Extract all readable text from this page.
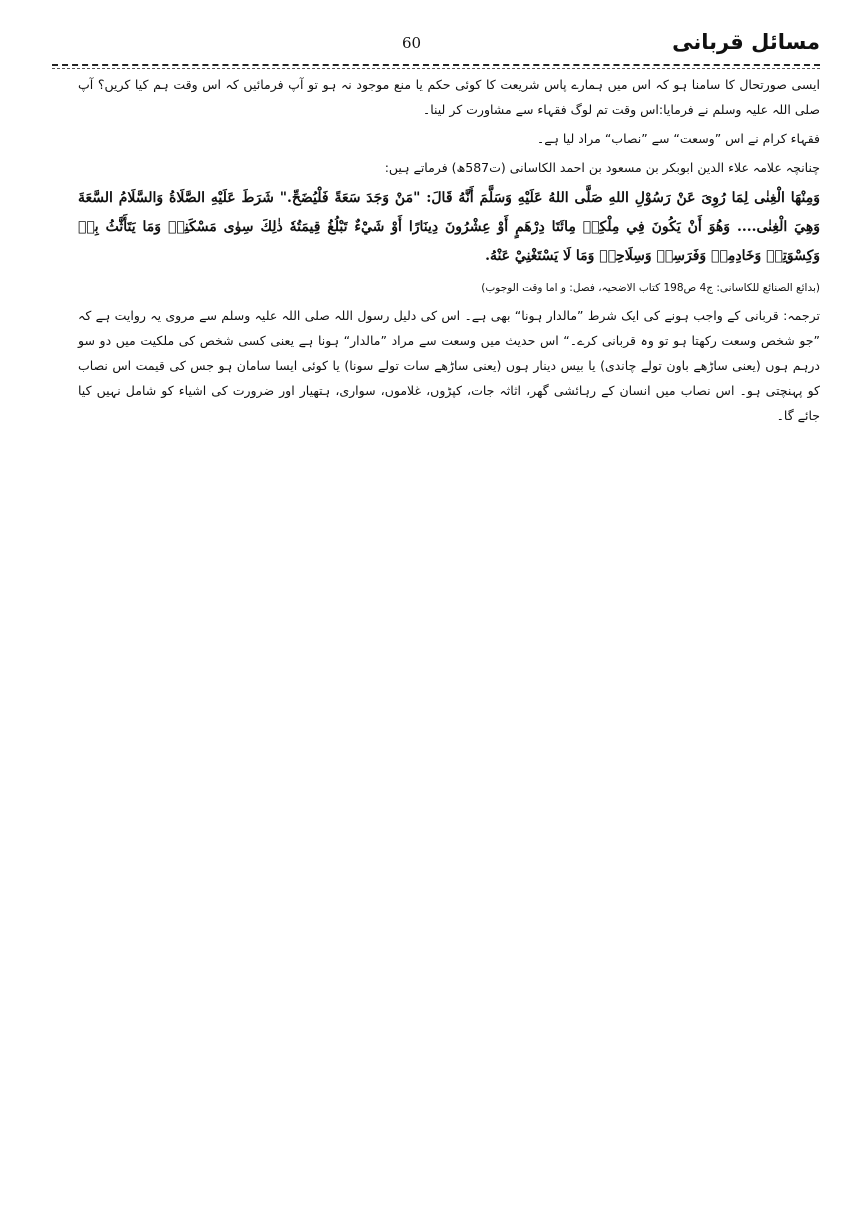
مسائل قربانی
60

ایسی صورتحال کا سامنا ہو کہ اس میں ہمارے پاس شریعت کا کوئی حکم یا منع موجود نہ ہو تو آپ فرمائیں کہ اس وقت ہم کیا کریں؟ آپ صلی اللہ علیہ وسلم نے فرمایا:اس وقت تم لوگ فقہاء سے مشاورت کر لینا۔

فقہاء کرام نے اس ”وسعت“ سے ”نصاب“ مراد لیا ہے۔

چنانچہ علامہ علاء الدین ابوبکر بن مسعود بن احمد الکاسانی (ت587ھ) فرماتے ہیں:

وَمِنْهَا الْغِنٰی لِمَا رُوِیَ عَنْ رَسُوْلِ اللهِ صَلَّى اللهُ عَلَيْهِ وَسَلَّمَ أَنَّهُ قَالَ: "مَنْ وَجَدَ سَعَةً فَلْيُضَحِّ." شَرَطَ عَلَيْهِ الصَّلَاةُ وَالسَّلَامُ السَّعَةَ وَهِيَ الْغِنٰی.... وَهُوَ أَنْ يَكُونَ فِي مِلْكِهٖ مِائَتَا دِرْهَمٍ أَوْ عِشْرُونَ دِينَارًا أَوْ شَيْءٌ تَبْلُغُ قِيمَتُهٗ ذٰلِكَ سِوٰى مَسْكَنِهٖ وَمَا يَتَأَثَّثُ بِهٖ وَكِسْوَتِهٖ وَخَادِمِهٖ وَفَرَسِهٖ وَسِلَاحِهٖ وَمَا لَا يَسْتَغْنِيْ عَنْهُ.

(بدائع الصنائع للکاسانی: ج4 ص198 کتاب الاضحیہ، فصل: و اما وقت الوجوب)

ترجمہ: قربانی کے واجب ہونے کی ایک شرط ”مالدار ہونا“ بھی ہے۔ اس کی دلیل رسول اللہ صلی اللہ علیہ وسلم سے مروی یہ روایت ہے کہ ”جو شخص وسعت رکھتا ہو تو وہ قربانی کرے۔“ اس حدیث میں وسعت سے مراد ”مالدار“ ہونا ہے یعنی کسی شخص کی ملکیت میں دو سو درہم ہوں (یعنی ساڑھے باون تولے چاندی) یا بیس دینار ہوں (یعنی ساڑھے سات تولے سونا) یا کوئی ایسا سامان ہو جس کی قیمت اس نصاب کو پہنچتی ہو۔ اس نصاب میں انسان کے رہائشی گھر، اثاثہ جات، کپڑوں، غلاموں، سواری، ہتھیار اور ضرورت کی اشیاء کو شامل نہیں کیا جائے گا۔
